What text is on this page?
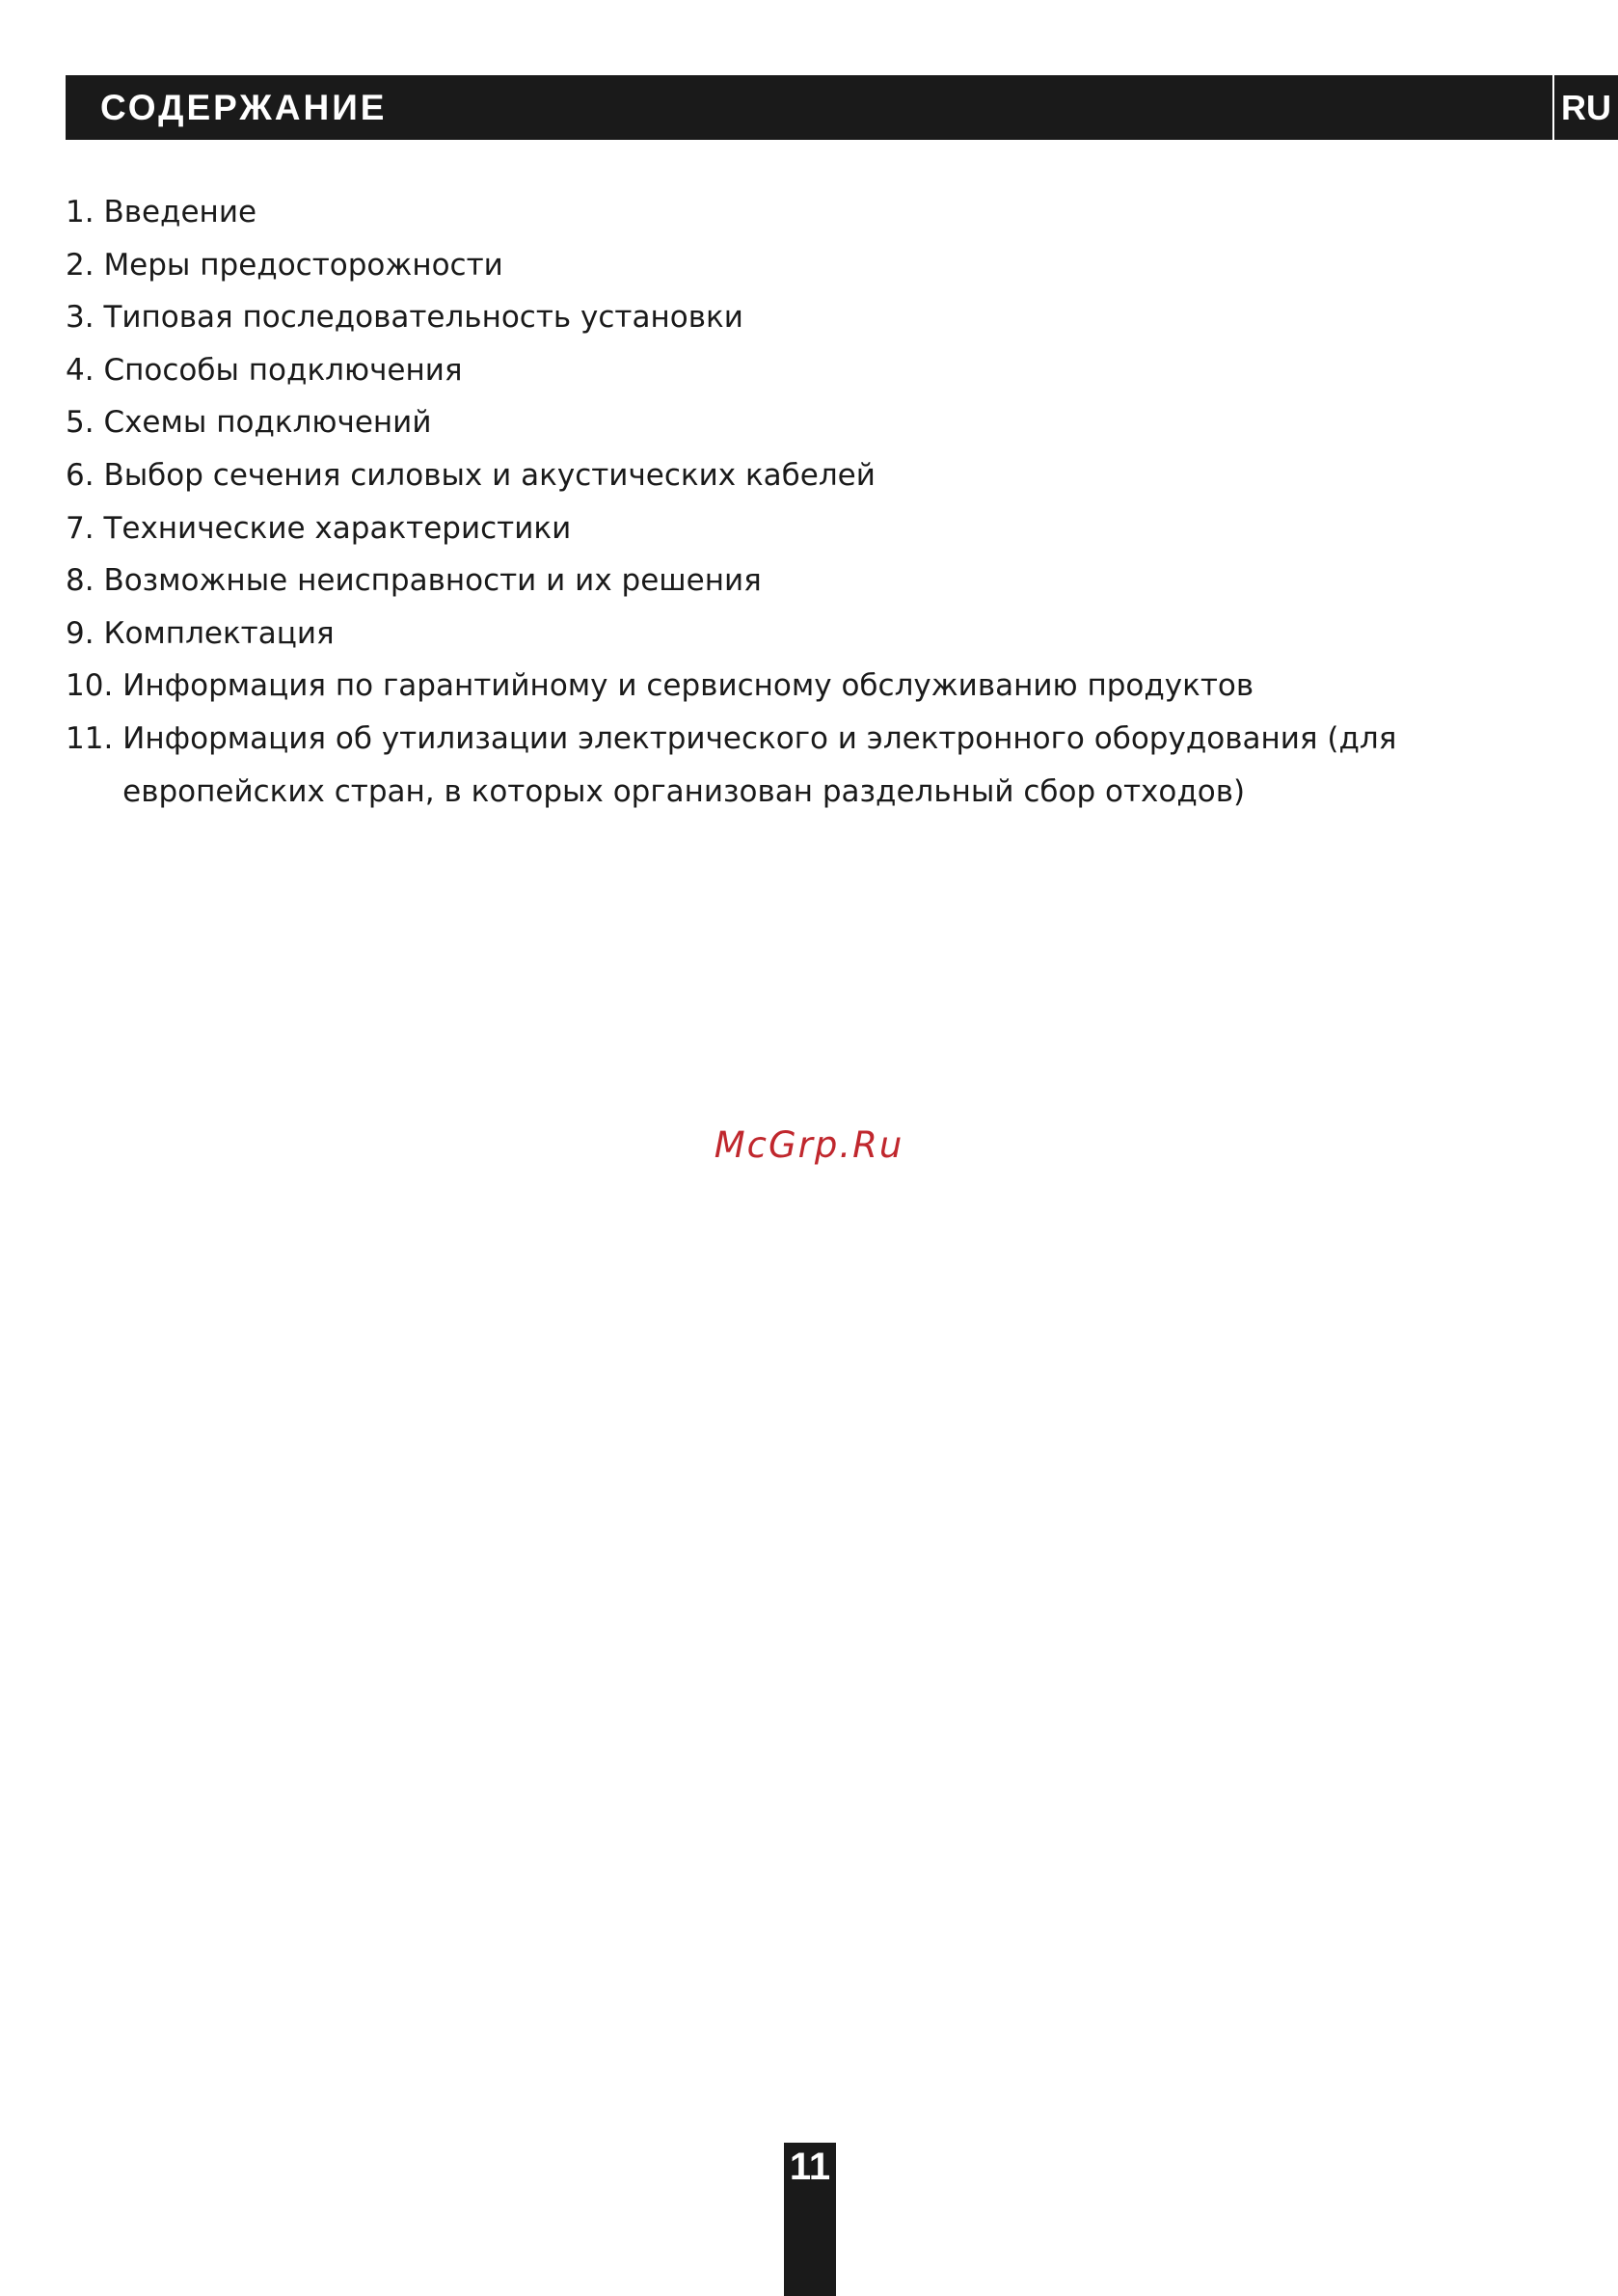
СОДЕРЖАНИЕ	RU
1. Введение
2. Меры предосторожности
3. Типовая последовательность установки
4. Способы подключения
5. Схемы подключений
6. Выбор сечения силовых и акустических кабелей
7. Технические характеристики
8. Возможные неисправности и их решения
9. Комплектация
10. Информация по гарантийному и сервисному обслуживанию продуктов
11. Информация об утилизации электрического и электронного оборудования (для европейских стран, в которых организован раздельный сбор отходов)
McGrp.Ru
11
